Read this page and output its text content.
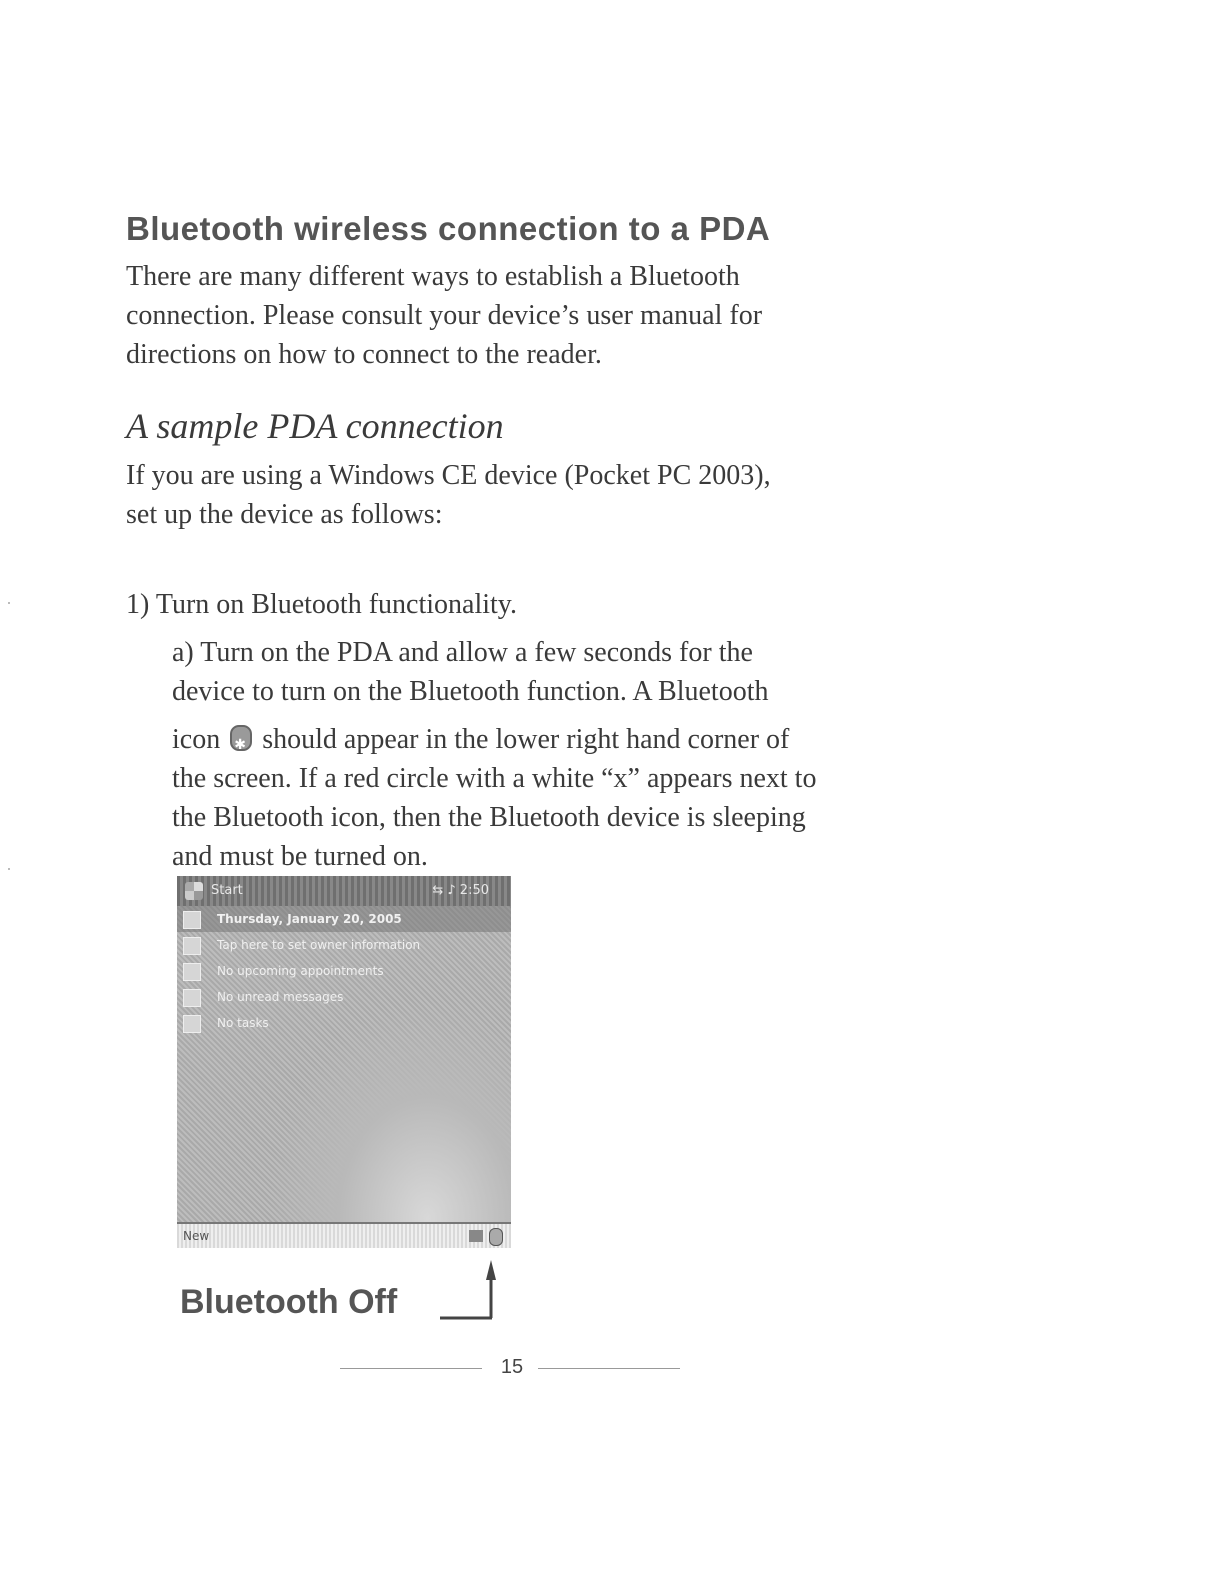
Bluetooth wireless connection to a PDA
There are many different ways to establish a Bluetooth
connection. Please consult your device’s user manual for
directions on how to connect to the reader.
A sample PDA connection
If you are using a Windows CE device (Pocket PC 2003),
set up the device as follows:
1) Turn on Bluetooth functionality.
a) Turn on the PDA and allow a few seconds for the
device to turn on the Bluetooth function. A Bluetooth
icon✱ should appear in the lower right hand corner of
the screen. If a red circle with a white “x” appears next to
the Bluetooth icon, then the Bluetooth device is sleeping
and must be turned on.
Start	⇆ ♪ 2:50
Thursday, January 20, 2005
Tap here to set owner information
No upcoming appointments
No unread messages
No tasks
New
Bluetooth Off
15
